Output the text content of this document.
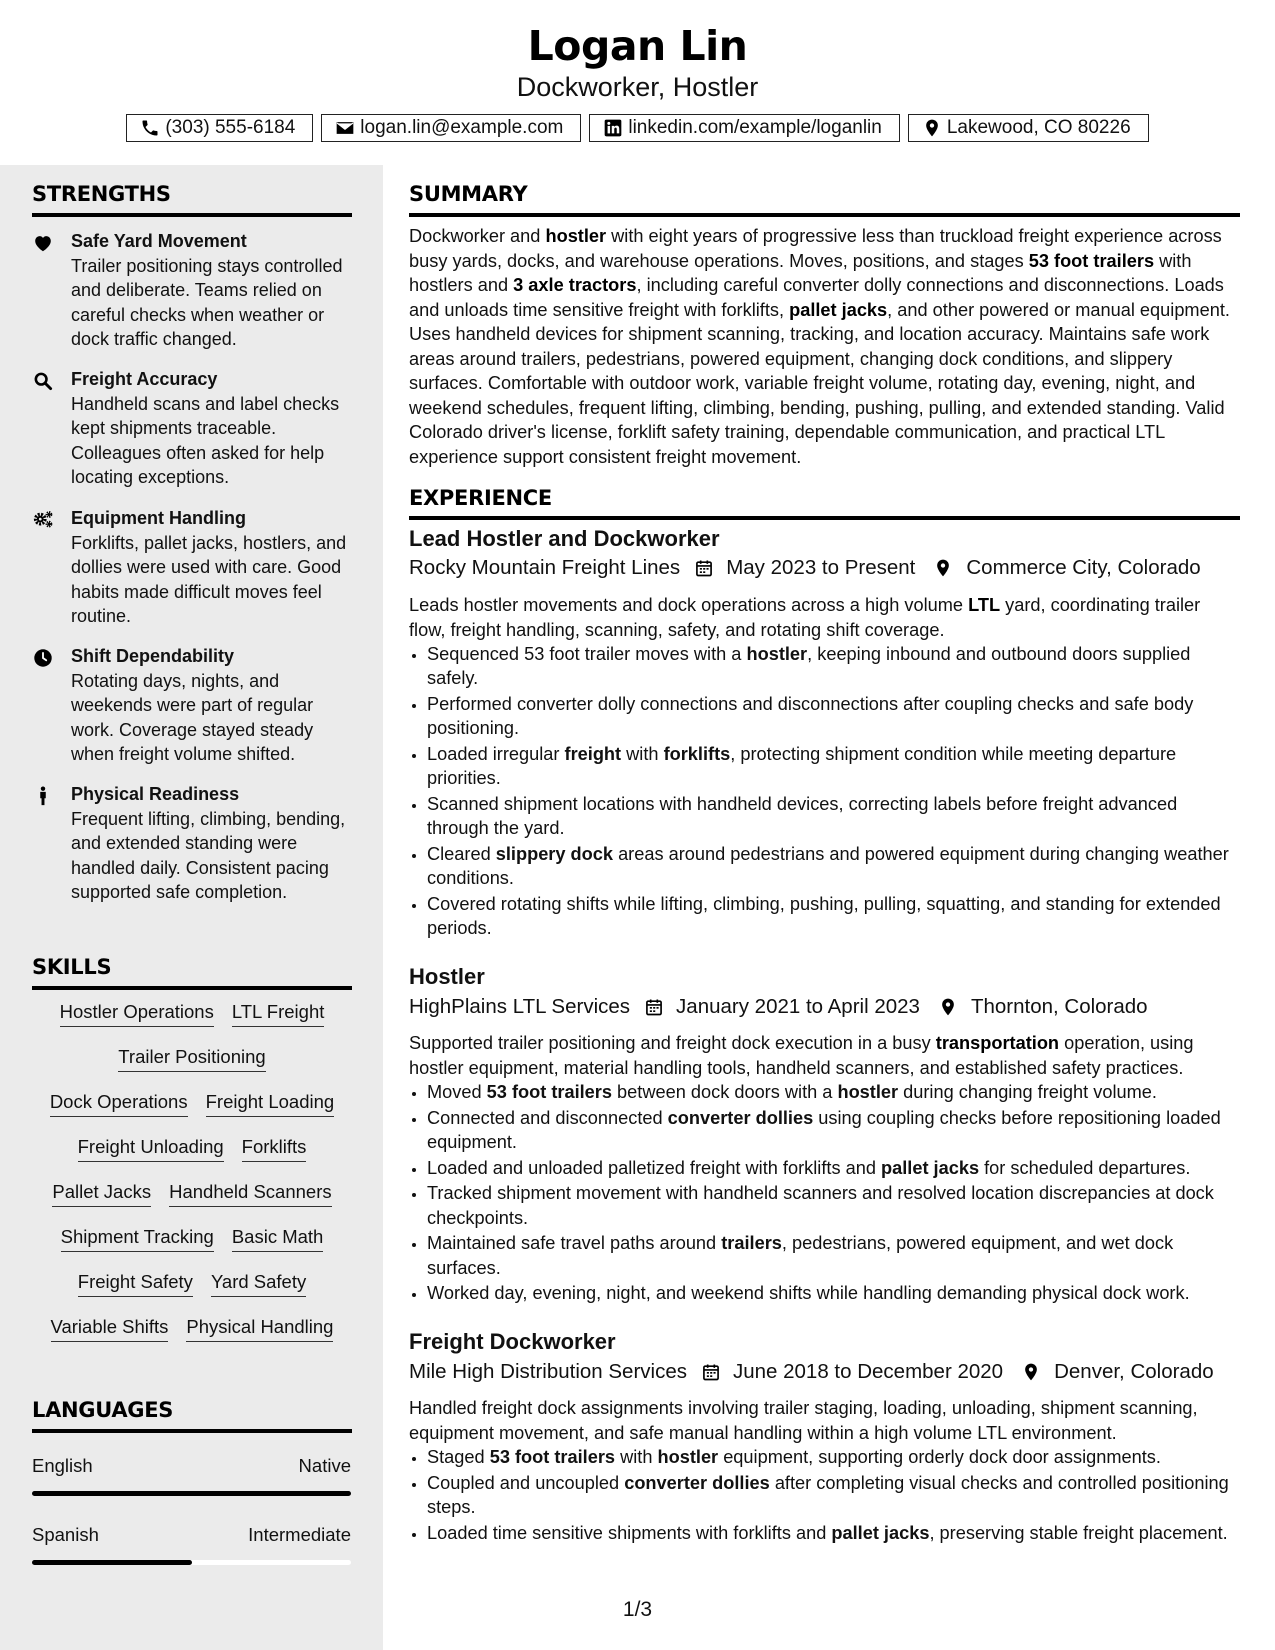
Logan Lin
Dockworker, Hostler
(303) 555-6184	logan.lin@example.com	linkedin.com/example/loganlin	Lakewood, CO 80226
STRENGTHS
Safe Yard Movement
Trailer positioning stays controlled and deliberate. Teams relied on careful checks when weather or dock traffic changed.
Freight Accuracy
Handheld scans and label checks kept shipments traceable. Colleagues often asked for help locating exceptions.
Equipment Handling
Forklifts, pallet jacks, hostlers, and dollies were used with care. Good habits made difficult moves feel routine.
Shift Dependability
Rotating days, nights, and weekends were part of regular work. Coverage stayed steady when freight volume shifted.
Physical Readiness
Frequent lifting, climbing, bending, and extended standing were handled daily. Consistent pacing supported safe completion.
SKILLS
Hostler Operations LTL Freight
Trailer Positioning
Dock Operations Freight Loading
Freight Unloading Forklifts
Pallet Jacks Handheld Scanners
Shipment Tracking Basic Math
Freight Safety Yard Safety
Variable Shifts Physical Handling
LANGUAGES
English	Native
Spanish	Intermediate
SUMMARY
Dockworker and hostler with eight years of progressive less than truckload freight experience across busy yards, docks, and warehouse operations. Moves, positions, and stages 53 foot trailers with hostlers and 3 axle tractors, including careful converter dolly connections and disconnections. Loads and unloads time sensitive freight with forklifts, pallet jacks, and other powered or manual equipment. Uses handheld devices for shipment scanning, tracking, and location accuracy. Maintains safe work areas around trailers, pedestrians, powered equipment, changing dock conditions, and slippery surfaces. Comfortable with outdoor work, variable freight volume, rotating day, evening, night, and weekend schedules, frequent lifting, climbing, bending, pushing, pulling, and extended standing. Valid Colorado driver's license, forklift safety training, dependable communication, and practical LTL experience support consistent freight movement.
EXPERIENCE
Lead Hostler and Dockworker
Rocky Mountain Freight Lines May 2023 to Present Commerce City, Colorado
Leads hostler movements and dock operations across a high volume LTL yard, coordinating trailer flow, freight handling, scanning, safety, and rotating shift coverage.
• Sequenced 53 foot trailer moves with a hostler, keeping inbound and outbound doors supplied safely.
• Performed converter dolly connections and disconnections after coupling checks and safe body positioning.
• Loaded irregular freight with forklifts, protecting shipment condition while meeting departure priorities.
• Scanned shipment locations with handheld devices, correcting labels before freight advanced through the yard.
• Cleared slippery dock areas around pedestrians and powered equipment during changing weather conditions.
• Covered rotating shifts while lifting, climbing, pushing, pulling, squatting, and standing for extended periods.
Hostler
HighPlains LTL Services January 2021 to April 2023 Thornton, Colorado
Supported trailer positioning and freight dock execution in a busy transportation operation, using hostler equipment, material handling tools, handheld scanners, and established safety practices.
• Moved 53 foot trailers between dock doors with a hostler during changing freight volume.
• Connected and disconnected converter dollies using coupling checks before repositioning loaded equipment.
• Loaded and unloaded palletized freight with forklifts and pallet jacks for scheduled departures.
• Tracked shipment movement with handheld scanners and resolved location discrepancies at dock checkpoints.
• Maintained safe travel paths around trailers, pedestrians, powered equipment, and wet dock surfaces.
• Worked day, evening, night, and weekend shifts while handling demanding physical dock work.
Freight Dockworker
Mile High Distribution Services June 2018 to December 2020 Denver, Colorado
Handled freight dock assignments involving trailer staging, loading, unloading, shipment scanning, equipment movement, and safe manual handling within a high volume LTL environment.
• Staged 53 foot trailers with hostler equipment, supporting orderly dock door assignments.
• Coupled and uncoupled converter dollies after completing visual checks and controlled positioning steps.
• Loaded time sensitive shipments with forklifts and pallet jacks, preserving stable freight placement.
1/3
